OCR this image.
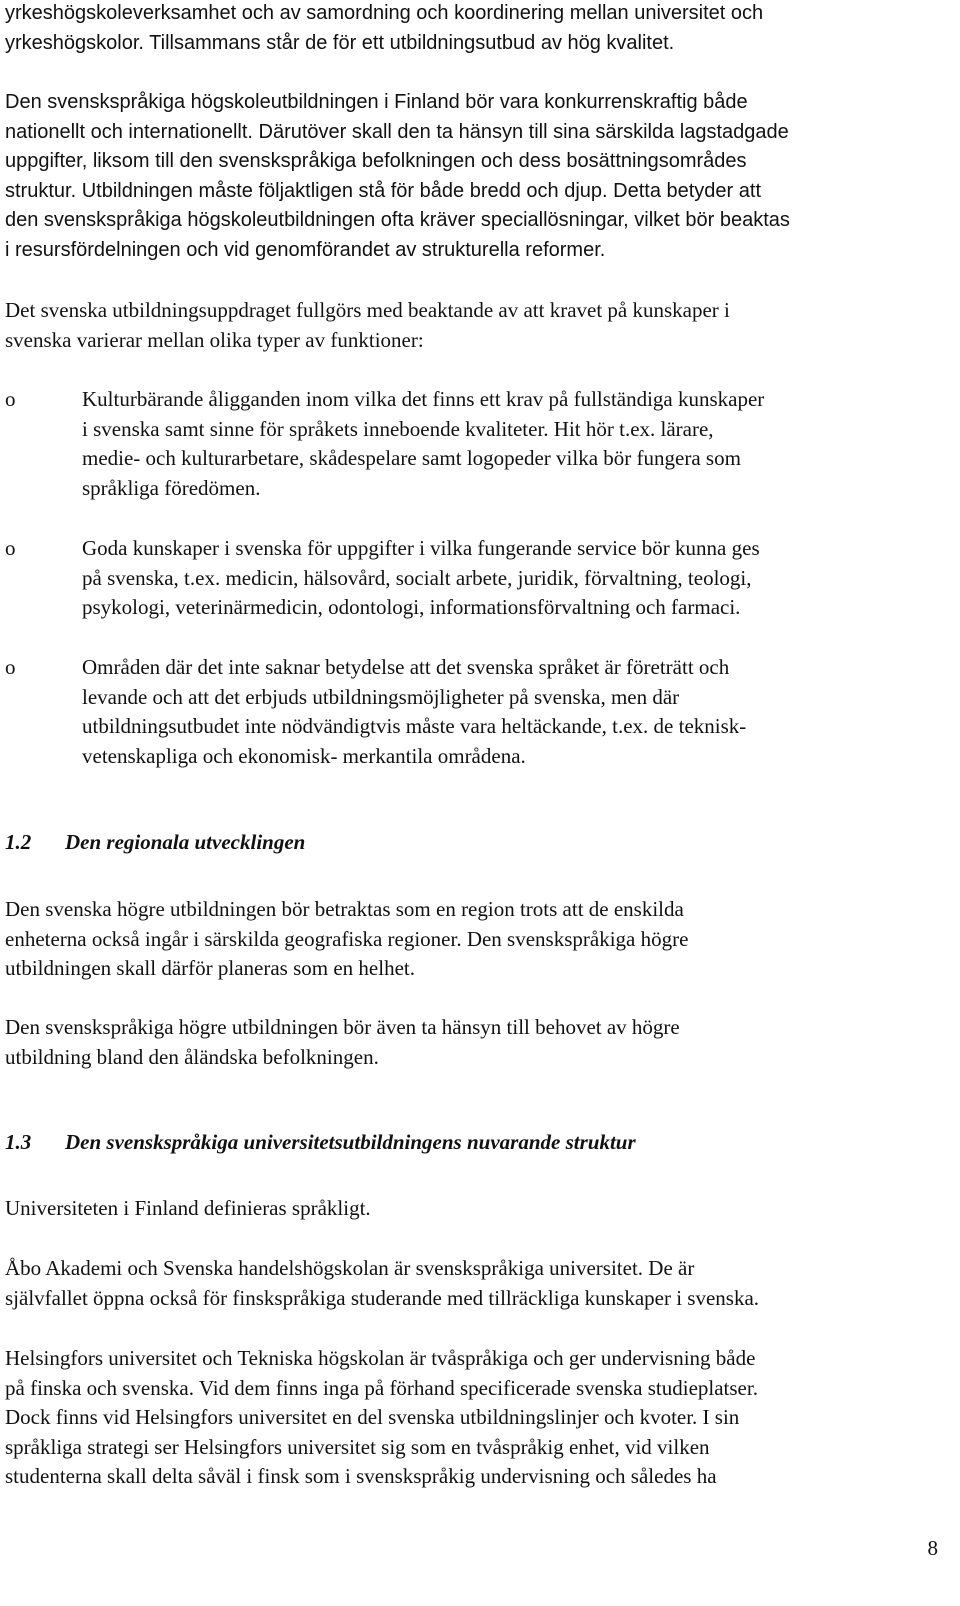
yrkeshögskoleverksamhet och av samordning och koordinering mellan universitet och
yrkeshögskolor. Tillsammans står de för ett utbildningsutbud av hög kvalitet.

Den svenskspråkiga högskoleutbildningen i Finland bör vara konkurrenskraftig både
nationellt och internationellt. Därutöver skall den ta hänsyn till sina särskilda lagstadgade
uppgifter, liksom till den svenskspråkiga befolkningen och dess bosättningsområdes
struktur. Utbildningen måste följaktligen stå för både bredd och djup. Detta betyder att
den svenskspråkiga högskoleutbildningen ofta kräver speciallösningar, vilket bör beaktas
i resursfördelningen och vid genomförandet av strukturella reformer.

Det svenska utbildningsuppdraget fullgörs med beaktande av att kravet på kunskaper i
svenska varierar mellan olika typer av funktioner:

o	Kulturbärande åligganden inom vilka det finns ett krav på fullständiga kunskaper
i svenska samt sinne för språkets inneboende kvaliteter. Hit hör t.ex. lärare,
medie- och kulturarbetare, skådespelare samt logopeder vilka bör fungera som
språkliga föredömen.

o	Goda kunskaper i svenska för uppgifter i vilka fungerande service bör kunna ges
på svenska, t.ex. medicin, hälsovård, socialt arbete, juridik, förvaltning, teologi,
psykologi, veterinärmedicin, odontologi, informationsförvaltning och farmaci.

o	Områden där det inte saknar betydelse att det svenska språket är företrätt och
levande och att det erbjuds utbildningsmöjligheter på svenska, men där
utbildningsutbudet inte nödvändigtvis måste vara heltäckande, t.ex. de teknisk-
vetenskapliga och ekonomisk- merkantila områdena.

1.2 Den regionala utvecklingen

Den svenska högre utbildningen bör betraktas som en region trots att de enskilda
enheterna också ingår i särskilda geografiska regioner. Den svenskspråkiga högre
utbildningen skall därför planeras som en helhet.

Den svenskspråkiga högre utbildningen bör även ta hänsyn till behovet av högre
utbildning bland den åländska befolkningen.

1.3 Den svenskspråkiga universitetsutbildningens nuvarande struktur

Universiteten i Finland definieras språkligt.

Åbo Akademi och Svenska handelshögskolan är svenskspråkiga universitet. De är
självfallet öppna också för finskspråkiga studerande med tillräckliga kunskaper i svenska.

Helsingfors universitet och Tekniska högskolan är tvåspråkiga och ger undervisning både
på finska och svenska. Vid dem finns inga på förhand specificerade svenska studieplatser.
Dock finns vid Helsingfors universitet en del svenska utbildningslinjer och kvoter. I sin
språkliga strategi ser Helsingfors universitet sig som en tvåspråkig enhet, vid vilken
studenterna skall delta såväl i finsk som i svenskspråkig undervisning och således ha

8
